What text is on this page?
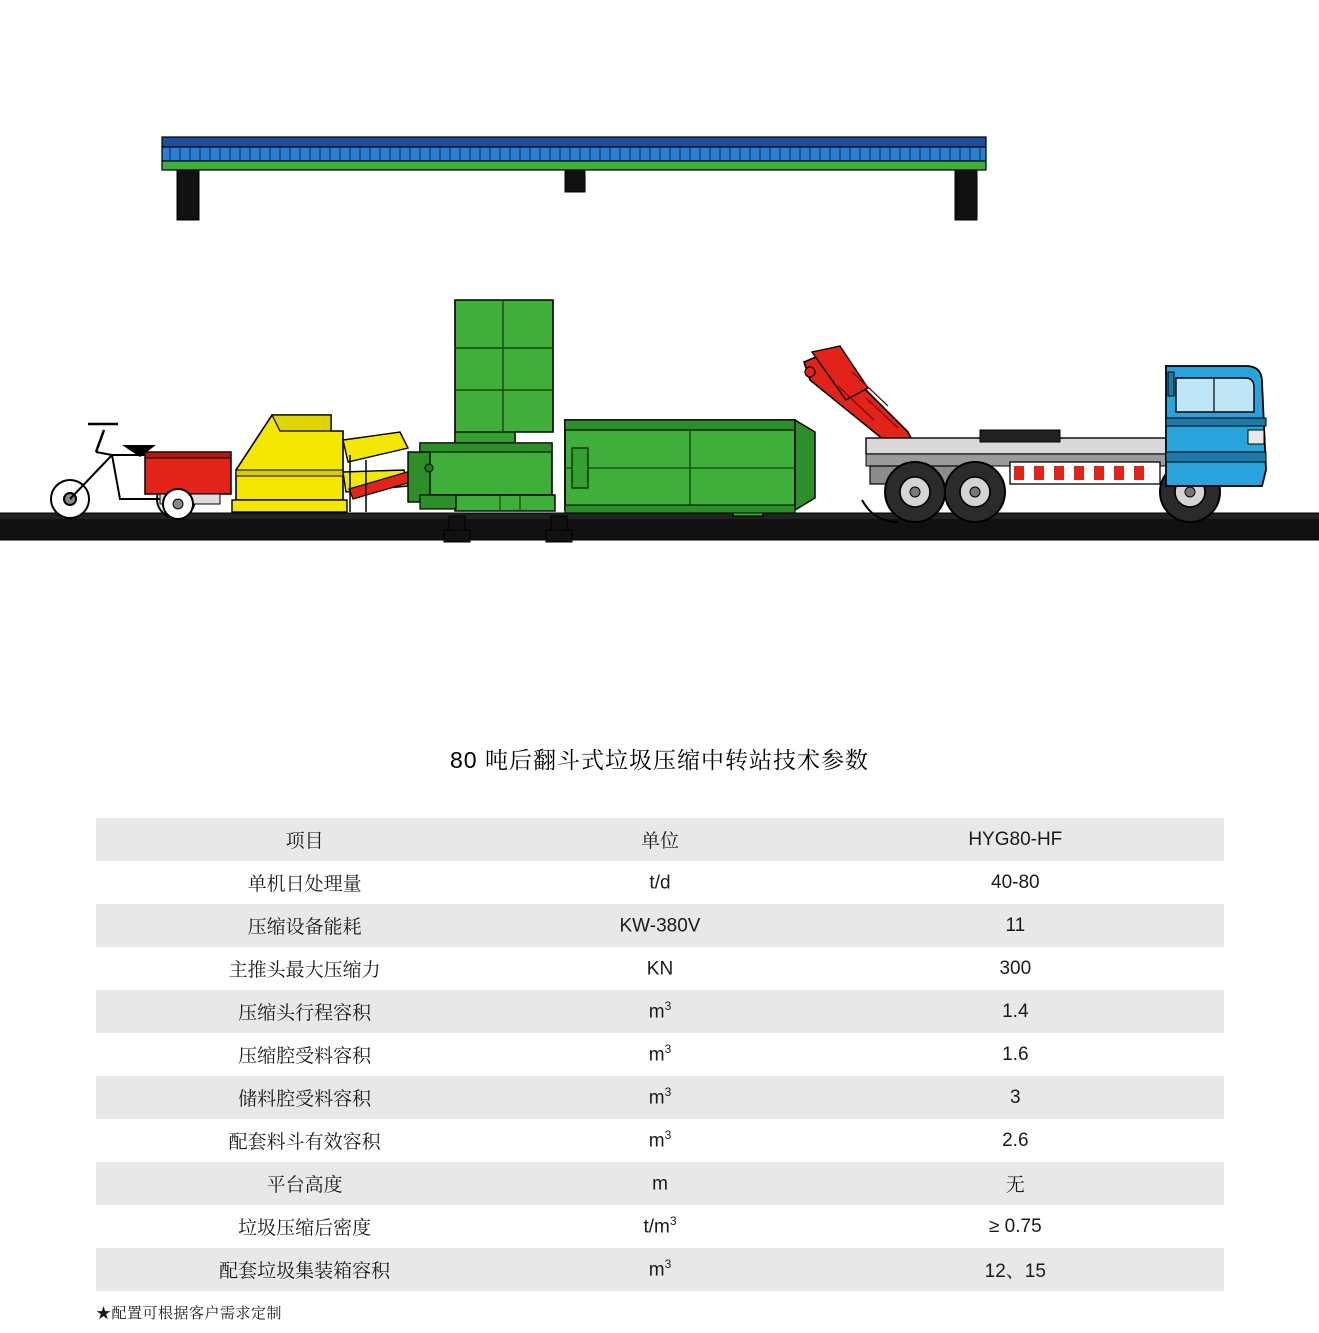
80 吨后翻斗式垃圾压缩中转站技术参数
项目	单位	HYG80-HF
单机日处理量	t/d	40-80
压缩设备能耗	KW-380V	11
主推头最大压缩力	KN	300
压缩头行程容积	$m^3$	1.4
压缩腔受料容积	$m^3$	1.6
储料腔受料容积	$m^3$	3
配套料斗有效容积	$m^3$	2.6
平台高度	m	无
垃圾压缩后密度	$t/m^3$	≥ 0.75
配套垃圾集装箱容积	$m^3$	12、15
★配置可根据客户需求定制
